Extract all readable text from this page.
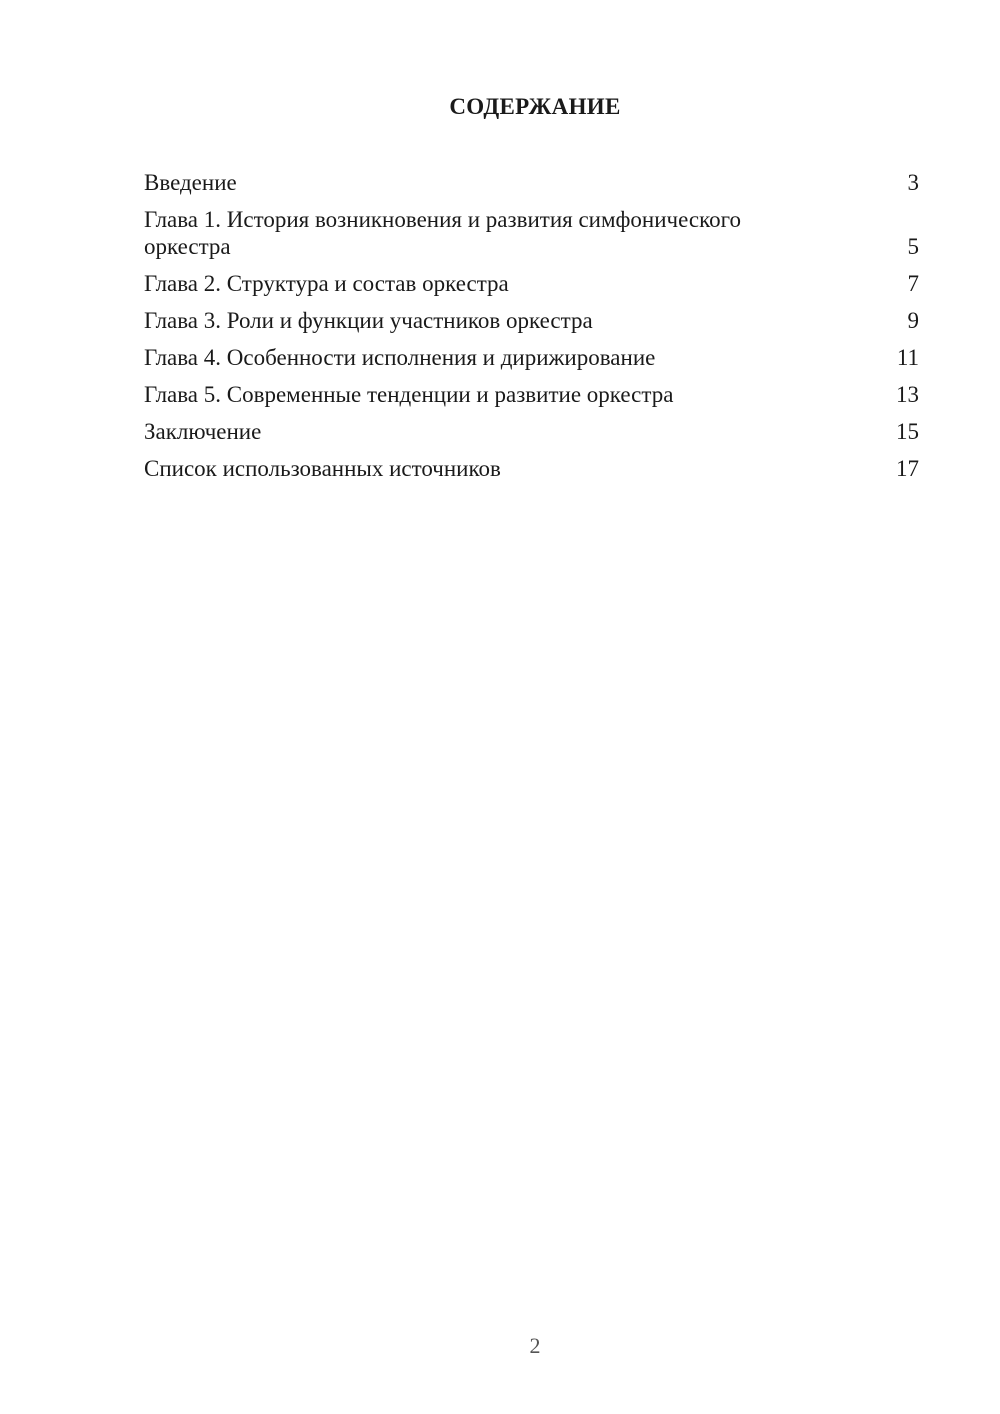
СОДЕРЖАНИЕ
Введение	3
Глава 1. История возникновения и развития симфонического оркестра	5
Глава 2. Структура и состав оркестра	7
Глава 3. Роли и функции участников оркестра	9
Глава 4. Особенности исполнения и дирижирование	11
Глава 5. Современные тенденции и развитие оркестра	13
Заключение	15
Список использованных источников	17
2
